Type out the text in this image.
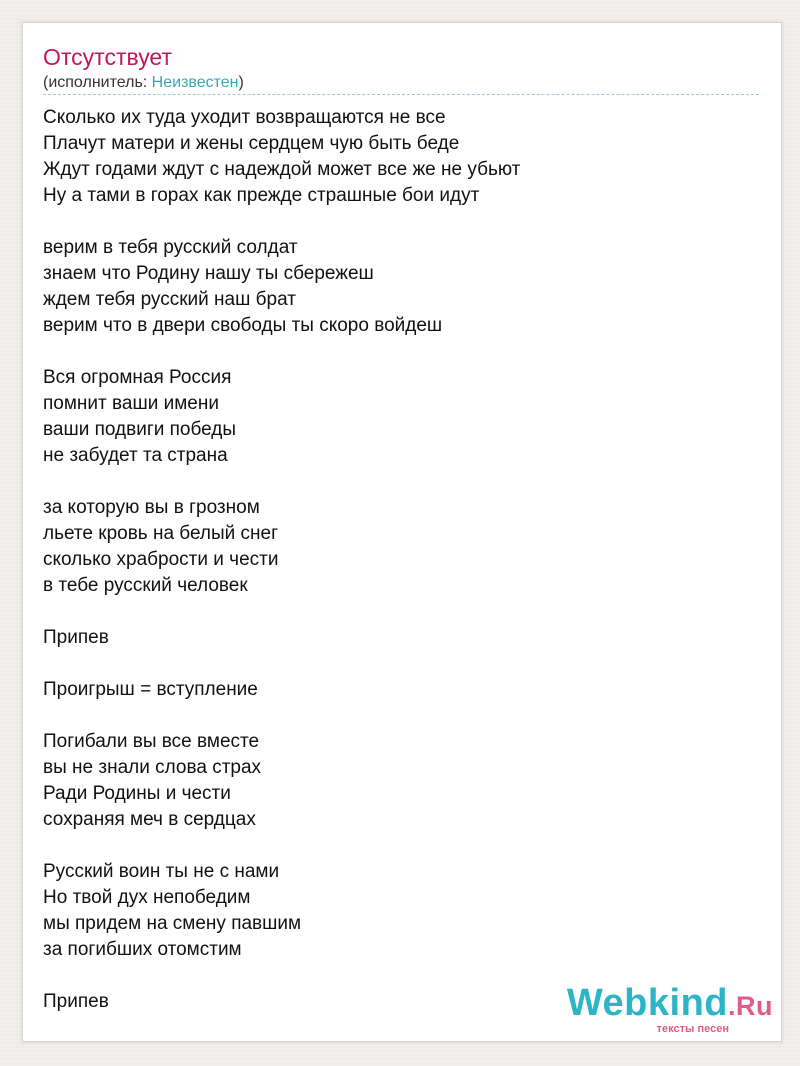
Отсутствует
(исполнитель: Неизвестен)
Сколько их туда уходит возвращаются не все
Плачут матери и жены сердцем чую быть беде
Ждут годами ждут с надеждой может все же не убьют
Ну а тами в горах как прежде страшные бои идут
верим в тебя русский солдат
знаем что Родину нашу ты сбережеш
ждем тебя русский наш брат
верим что в двери свободы ты скоро войдеш
Вся огромная Россия
помнит ваши имени
ваши подвиги победы
не забудет та страна
за которую вы в грозном
льете кровь на белый снег
сколько храбрости и чести
в тебе русский человек
Припев
Проигрыш = вступление
Погибали вы все вместе
вы не знали слова страх
Ради Родины и чести
сохраняя меч в сердцах
Русский воин ты не с нами
Но твой дух непобедим
мы придем на смену павшим
за погибших отомстим
Припев	Webkind.Ru
тексты песен
